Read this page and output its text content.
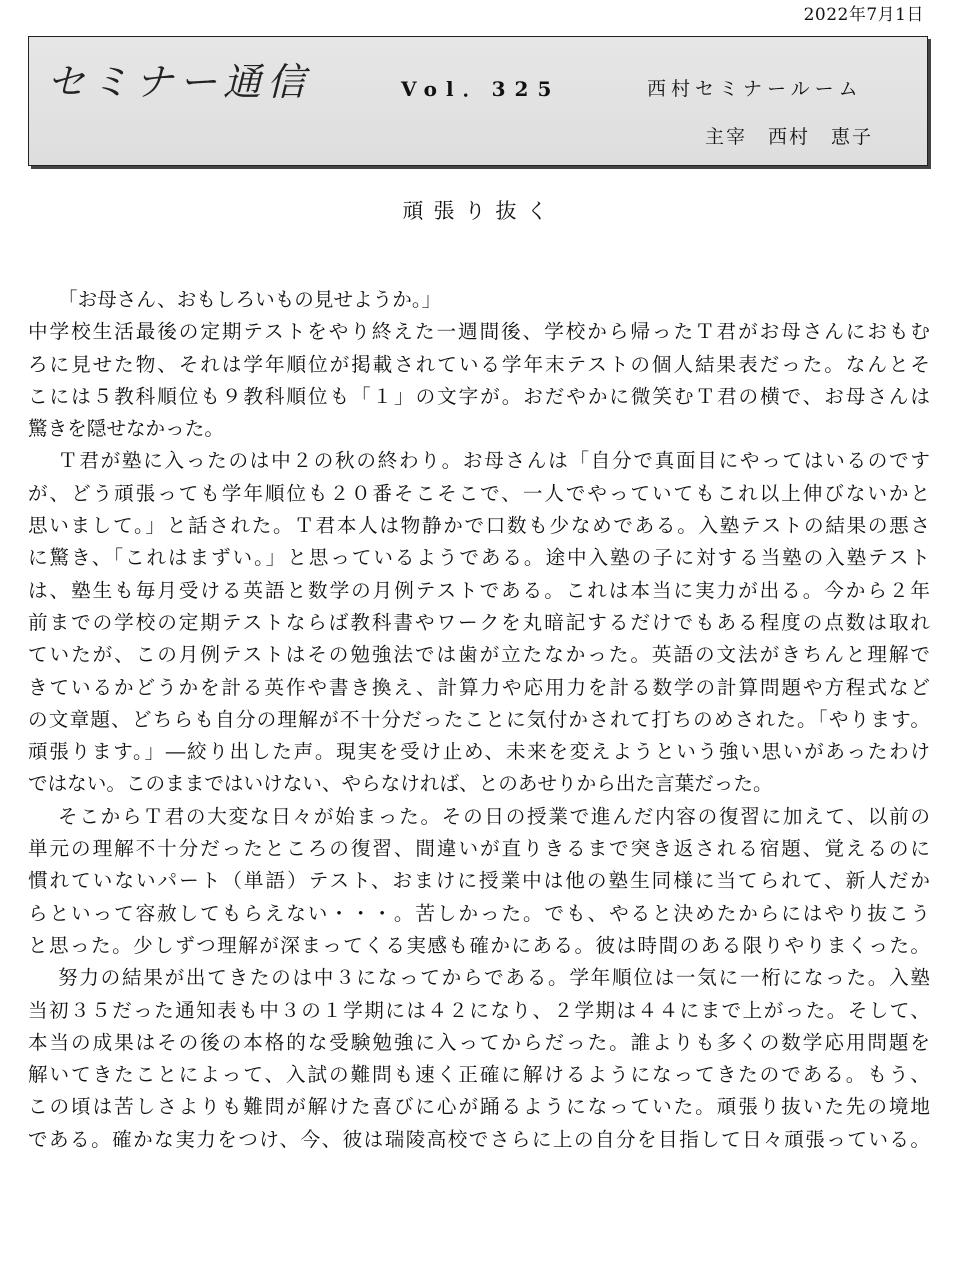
2022年7月1日
セミナー通信	Vol．325	西村セミナールーム
主宰　西村　恵子
頑張り抜く
「お母さん、おもしろいもの見せようか。」
中学校生活最後の定期テストをやり終えた一週間後、学校から帰ったＴ君がお母さんにおもむ
ろに見せた物、それは学年順位が掲載されている学年末テストの個人結果表だった。なんとそ
こには５教科順位も９教科順位も「１」の文字が。おだやかに微笑むＴ君の横で、お母さんは
驚きを隠せなかった。
Ｔ君が塾に入ったのは中２の秋の終わり。お母さんは「自分で真面目にやってはいるのです
が、どう頑張っても学年順位も２０番そこそこで、一人でやっていてもこれ以上伸びないかと
思いまして。」と話された。Ｔ君本人は物静かで口数も少なめである。入塾テストの結果の悪さ
に驚き、「これはまずい。」と思っているようである。途中入塾の子に対する当塾の入塾テスト
は、塾生も毎月受ける英語と数学の月例テストである。これは本当に実力が出る。今から２年
前までの学校の定期テストならば教科書やワークを丸暗記するだけでもある程度の点数は取れ
ていたが、この月例テストはその勉強法では歯が立たなかった。英語の文法がきちんと理解で
きているかどうかを計る英作や書き換え、計算力や応用力を計る数学の計算問題や方程式など
の文章題、どちらも自分の理解が不十分だったことに気付かされて打ちのめされた。「やります。
頑張ります。」―絞り出した声。現実を受け止め、未来を変えようという強い思いがあったわけ
ではない。このままではいけない、やらなければ、とのあせりから出た言葉だった。
そこからＴ君の大変な日々が始まった。その日の授業で進んだ内容の復習に加えて、以前の
単元の理解不十分だったところの復習、間違いが直りきるまで突き返される宿題、覚えるのに
慣れていないパート（単語）テスト、おまけに授業中は他の塾生同様に当てられて、新人だか
らといって容赦してもらえない・・・。苦しかった。でも、やると決めたからにはやり抜こう
と思った。少しずつ理解が深まってくる実感も確かにある。彼は時間のある限りやりまくった。
努力の結果が出てきたのは中３になってからである。学年順位は一気に一桁になった。入塾
当初３５だった通知表も中３の１学期には４２になり、２学期は４４にまで上がった。そして、
本当の成果はその後の本格的な受験勉強に入ってからだった。誰よりも多くの数学応用問題を
解いてきたことによって、入試の難問も速く正確に解けるようになってきたのである。もう、
この頃は苦しさよりも難問が解けた喜びに心が踊るようになっていた。頑張り抜いた先の境地
である。確かな実力をつけ、今、彼は瑞陵高校でさらに上の自分を目指して日々頑張っている。
